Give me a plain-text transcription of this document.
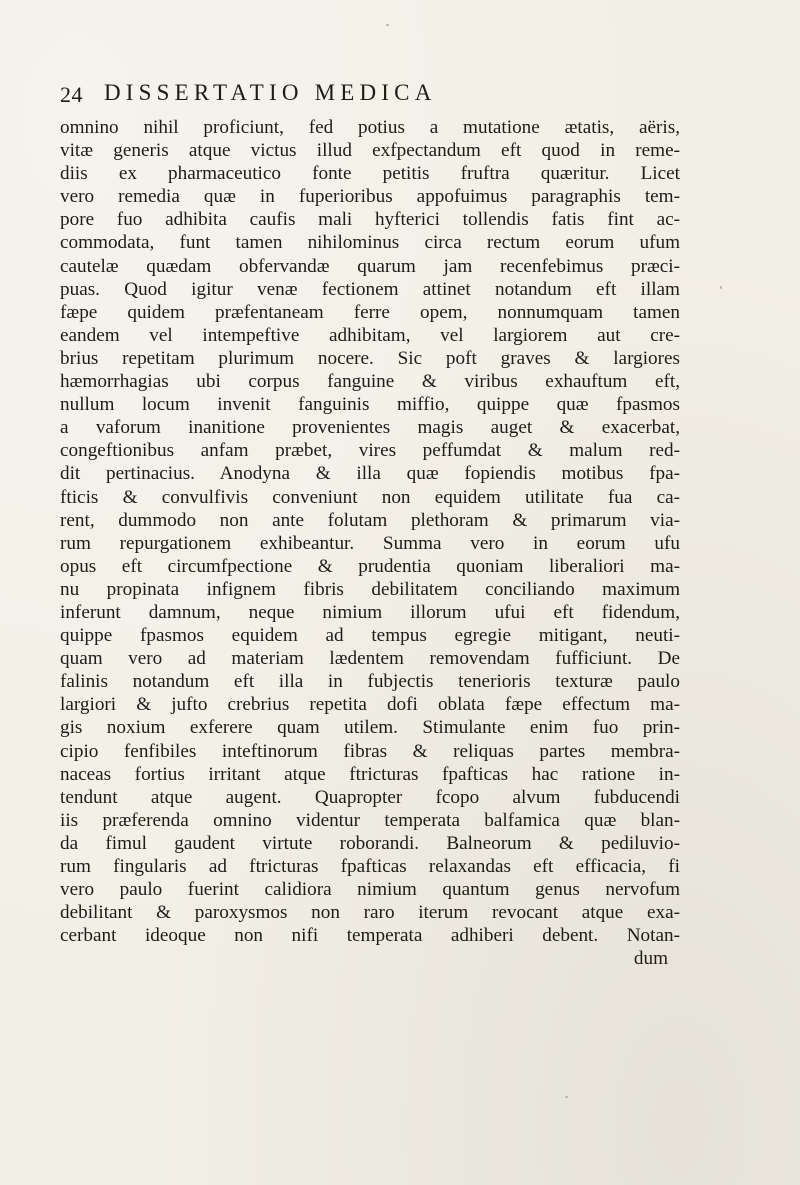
24 DISSERTATIO MEDICA
omnino nihil proficiunt, fed potius a mutatione ætatis, aëris,
vitæ generis atque victus illud exfpectandum eft quod in reme-
diis ex pharmaceutico fonte petitis fruftra quæritur. Licet
vero remedia quæ in fuperioribus appofuimus paragraphis tem-
pore fuo adhibita caufis mali hyfterici tollendis fatis fint ac-
commodata, funt tamen nihilominus circa rectum eorum ufum
cautelæ quædam obfervandæ quarum jam recenfebimus præci-
puas. Quod igitur venæ fectionem attinet notandum eft illam
fæpe quidem præfentaneam ferre opem, nonnumquam tamen
eandem vel intempeftive adhibitam, vel largiorem aut cre-
brius repetitam plurimum nocere. Sic poft graves & largiores
hæmorrhagias ubi corpus fanguine & viribus exhauftum eft,
nullum locum invenit fanguinis miffio, quippe quæ fpasmos
a vaforum inanitione provenientes magis auget & exacerbat,
congeftionibus anfam præbet, vires peffumdat & malum red-
dit pertinacius. Anodyna & illa quæ fopiendis motibus fpa-
fticis & convulfivis conveniunt non equidem utilitate fua ca-
rent, dummodo non ante folutam plethoram & primarum via-
rum repurgationem exhibeantur. Summa vero in eorum ufu
opus eft circumfpectione & prudentia quoniam liberaliori ma-
nu propinata infignem fibris debilitatem conciliando maximum
inferunt damnum, neque nimium illorum ufui eft fidendum,
quippe fpasmos equidem ad tempus egregie mitigant, neuti-
quam vero ad materiam lædentem removendam fufficiunt. De
falinis notandum eft illa in fubjectis tenerioris texturæ paulo
largiori & jufto crebrius repetita dofi oblata fæpe effectum ma-
gis noxium exferere quam utilem. Stimulante enim fuo prin-
cipio fenfibiles inteftinorum fibras & reliquas partes membra-
naceas fortius irritant atque ftricturas fpafticas hac ratione in-
tendunt atque augent. Quapropter fcopo alvum fubducendi
iis præferenda omnino videntur temperata balfamica quæ blan-
da fimul gaudent virtute roborandi. Balneorum & pediluvio-
rum fingularis ad ftricturas fpafticas relaxandas eft efficacia, fi
vero paulo fuerint calidiora nimium quantum genus nervofum
debilitant & paroxysmos non raro iterum revocant atque exa-
cerbant ideoque non nifi temperata adhiberi debent. Notan-
dum
